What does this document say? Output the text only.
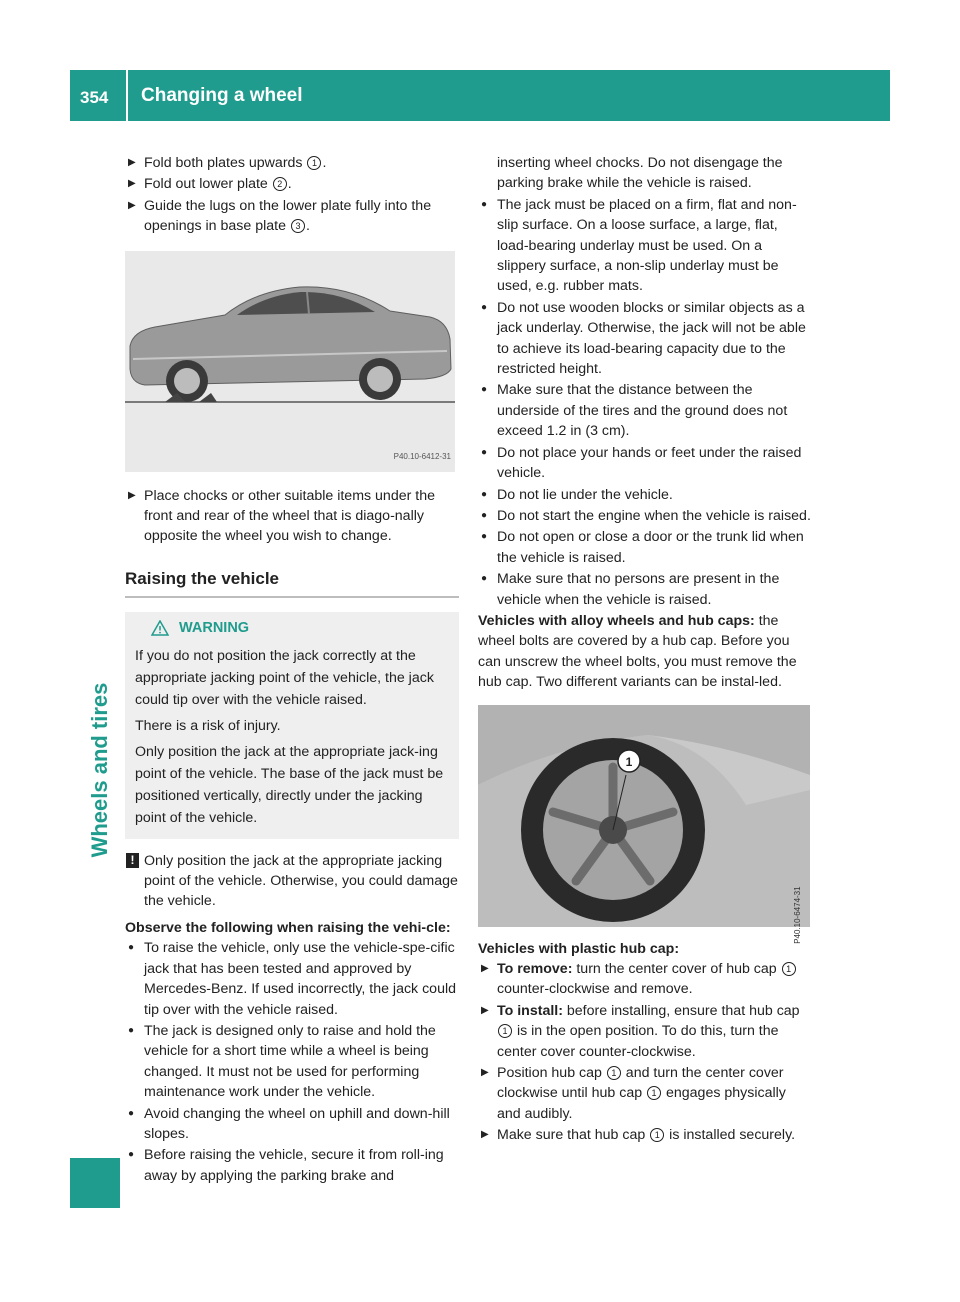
354 Changing a wheel
Wheels and tires
▶ Fold both plates upwards 1 .
▶ Fold out lower plate 2 .
▶ Guide the lugs on the lower plate fully into the openings in base plate 3 .
P40.10-6412-31
▶ Place chocks or other suitable items under the front and rear of the wheel that is diago-nally opposite the wheel you wish to change.
Raising the vehicle
WARNING

If you do not position the jack correctly at the appropriate jacking point of the vehicle, the jack could tip over with the vehicle raised.

There is a risk of injury.

Only position the jack at the appropriate jack-ing point of the vehicle. The base of the jack must be positioned vertically, directly under the jacking point of the vehicle.

! Only position the jack at the appropriate jacking point of the vehicle. Otherwise, you could damage the vehicle.
Observe the following when raising the vehi-cle:
● To raise the vehicle, only use the vehicle-spe-cific jack that has been tested and approved by Mercedes-Benz. If used incorrectly, the jack could tip over with the vehicle raised.
● The jack is designed only to raise and hold the vehicle for a short time while a wheel is being changed. It must not be used for performing maintenance work under the vehicle.
● Avoid changing the wheel on uphill and down-hill slopes.
● Before raising the vehicle, secure it from roll-ing away by applying the parking brake and
inserting wheel chocks. Do not disengage the parking brake while the vehicle is raised.
● The jack must be placed on a firm, flat and non-slip surface. On a loose surface, a large, flat, load-bearing underlay must be used. On a slippery surface, a non-slip underlay must be used, e.g. rubber mats.
● Do not use wooden blocks or similar objects as a jack underlay. Otherwise, the jack will not be able to achieve its load-bearing capacity due to the restricted height.
● Make sure that the distance between the underside of the tires and the ground does not exceed 1.2 in (3 cm).
● Do not place your hands or feet under the raised vehicle.
● Do not lie under the vehicle.
● Do not start the engine when the vehicle is raised.
● Do not open or close a door or the trunk lid when the vehicle is raised.
● Make sure that no persons are present in the vehicle when the vehicle is raised.
Vehicles with alloy wheels and hub caps: the wheel bolts are covered by a hub cap. Before you can unscrew the wheel bolts, you must remove the hub cap. Two different variants can be instal-led.
1
P40.10-6474-31
Vehicles with plastic hub cap:
▶ To remove: turn the center cover of hub cap 1 counter-clockwise and remove.
▶ To install: before installing, ensure that hub cap 1 is in the open position. To do this, turn the center cover counter-clockwise.
▶ Position hub cap 1 and turn the center cover clockwise until hub cap 1 engages physically and audibly.
▶ Make sure that hub cap 1 is installed securely.
